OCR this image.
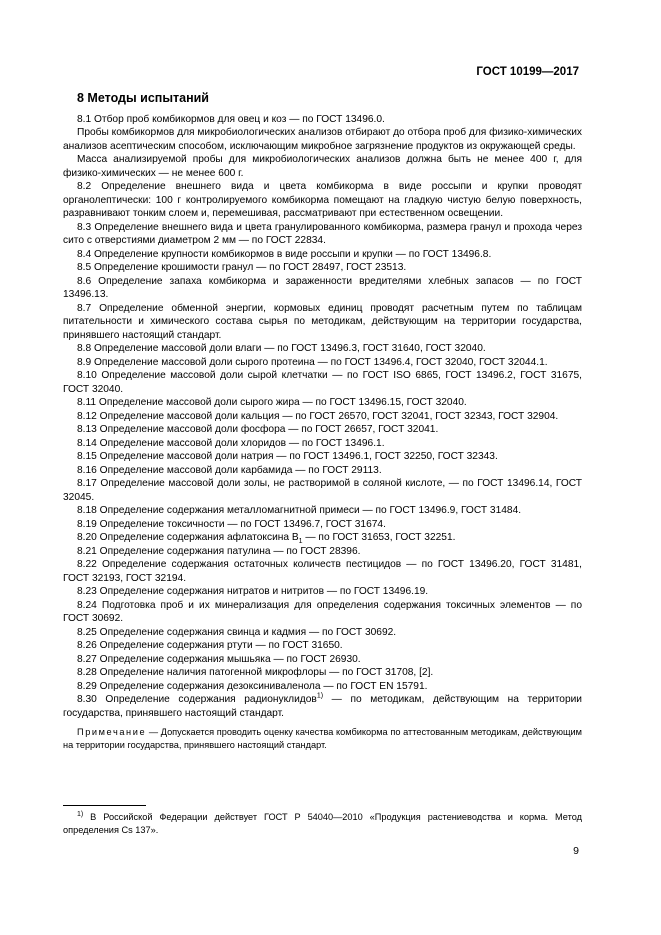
ГОСТ 10199—2017
8 Методы испытаний

8.1 Отбор проб комбикормов для овец и коз — по ГОСТ 13496.0.

Пробы комбикормов для микробиологических анализов отбирают до отбора проб для физико-химических анализов асептическим способом, исключающим микробное загрязнение продуктов из окружающей среды.

Масса анализируемой пробы для микробиологических анализов должна быть не менее 400 г, для физико-химических — не менее 600 г.

8.2 Определение внешнего вида и цвета комбикорма в виде россыпи и крупки проводят органолептически: 100 г контролируемого комбикорма помещают на гладкую чистую белую поверхность, разравнивают тонким слоем и, перемешивая, рассматривают при естественном освещении.

8.3 Определение внешнего вида и цвета гранулированного комбикорма, размера гранул и прохода через сито с отверстиями диаметром 2 мм — по ГОСТ 22834.

8.4 Определение крупности комбикормов в виде россыпи и крупки — по ГОСТ 13496.8.

8.5 Определение крошимости гранул — по ГОСТ 28497, ГОСТ 23513.

8.6 Определение запаха комбикорма и зараженности вредителями хлебных запасов — по ГОСТ 13496.13.

8.7 Определение обменной энергии, кормовых единиц проводят расчетным путем по таблицам питательности и химического состава сырья по методикам, действующим на территории государства, принявшего настоящий стандарт.

8.8 Определение массовой доли влаги — по ГОСТ 13496.3, ГОСТ 31640, ГОСТ 32040.

8.9 Определение массовой доли сырого протеина — по ГОСТ 13496.4, ГОСТ 32040, ГОСТ 32044.1.

8.10 Определение массовой доли сырой клетчатки — по ГОСТ ISO 6865, ГОСТ 13496.2, ГОСТ 31675, ГОСТ 32040.

8.11 Определение массовой доли сырого жира — по ГОСТ 13496.15, ГОСТ 32040.

8.12 Определение массовой доли кальция — по ГОСТ 26570, ГОСТ 32041, ГОСТ 32343, ГОСТ 32904.

8.13 Определение массовой доли фосфора — по ГОСТ 26657, ГОСТ 32041.

8.14 Определение массовой доли хлоридов — по ГОСТ 13496.1.

8.15 Определение массовой доли натрия — по ГОСТ 13496.1, ГОСТ 32250, ГОСТ 32343.

8.16 Определение массовой доли карбамида — по ГОСТ 29113.

8.17 Определение массовой доли золы, не растворимой в соляной кислоте, — по ГОСТ 13496.14, ГОСТ 32045.

8.18 Определение содержания металломагнитной примеси — по ГОСТ 13496.9, ГОСТ 31484.

8.19 Определение токсичности — по ГОСТ 13496.7, ГОСТ 31674.

8.20 Определение содержания афлатоксина $B_1$ — по ГОСТ 31653, ГОСТ 32251.

8.21 Определение содержания патулина — по ГОСТ 28396.

8.22 Определение содержания остаточных количеств пестицидов — по ГОСТ 13496.20, ГОСТ 31481, ГОСТ 32193, ГОСТ 32194.

8.23 Определение содержания нитратов и нитритов — по ГОСТ 13496.19.

8.24 Подготовка проб и их минерализация для определения содержания токсичных элементов — по ГОСТ 30692.

8.25 Определение содержания свинца и кадмия — по ГОСТ 30692.

8.26 Определение содержания ртути — по ГОСТ 31650.

8.27 Определение содержания мышьяка — по ГОСТ 26930.

8.28 Определение наличия патогенной микрофлоры — по ГОСТ 31708, [2].

8.29 Определение содержания дезоксиниваленола — по ГОСТ EN 15791.

8.30 Определение содержания радионуклидов$^{1)}$ — по методикам, действующим на территории государства, принявшего настоящий стандарт.

Примечание — Допускается проводить оценку качества комбикорма по аттестованным методикам, действующим на территории государства, принявшего настоящий стандарт.
$^{1)}$ В Российской Федерации действует ГОСТ Р 54040—2010 «Продукция растениеводства и корма. Метод определения Cs 137».
9
